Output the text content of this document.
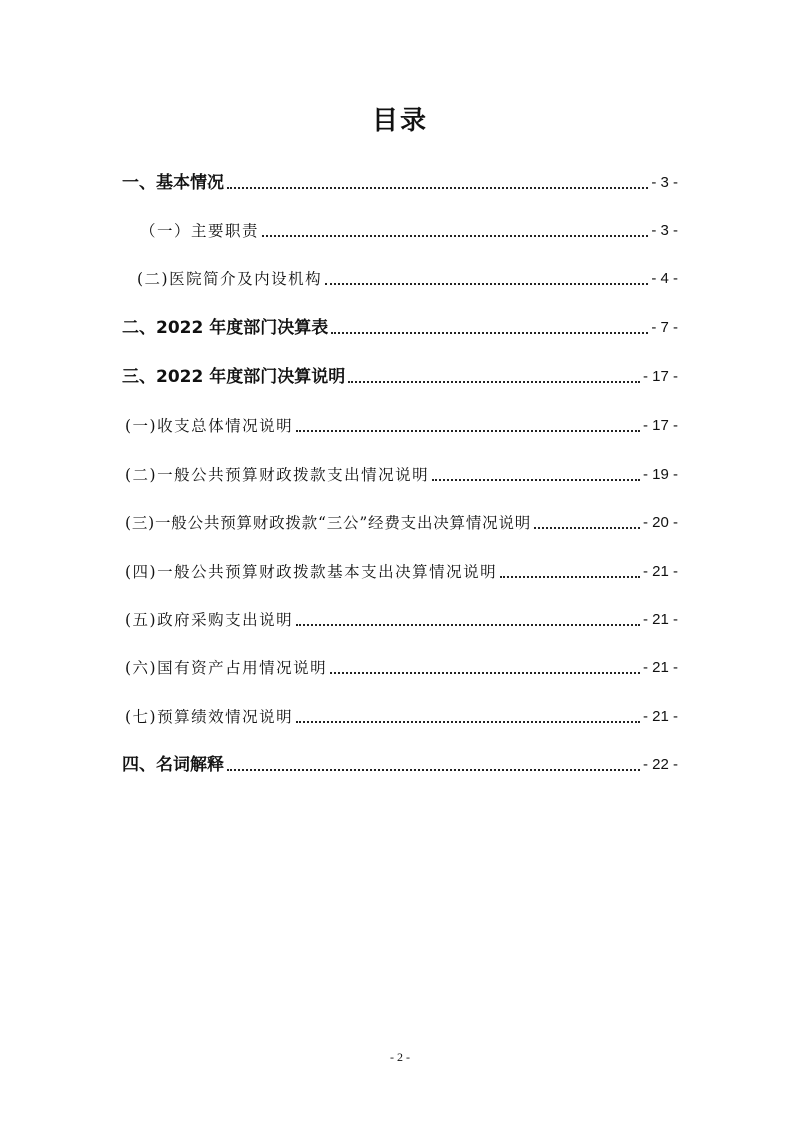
目录
一、基本情况	- 3 -
（一）主要职责	- 3 -
(二)医院简介及内设机构	- 4 -
二、2022 年度部门决算表	- 7 -
三、2022 年度部门决算说明	- 17 -
(一)收支总体情况说明	- 17 -
(二)一般公共预算财政拨款支出情况说明	- 19 -
(三)一般公共预算财政拨款“三公”经费支出决算情况说明	- 20 -
(四)一般公共预算财政拨款基本支出决算情况说明	- 21 -
(五)政府采购支出说明	- 21 -
(六)国有资产占用情况说明	- 21 -
(七)预算绩效情况说明	- 21 -
四、名词解释	- 22 -
- 2 -
